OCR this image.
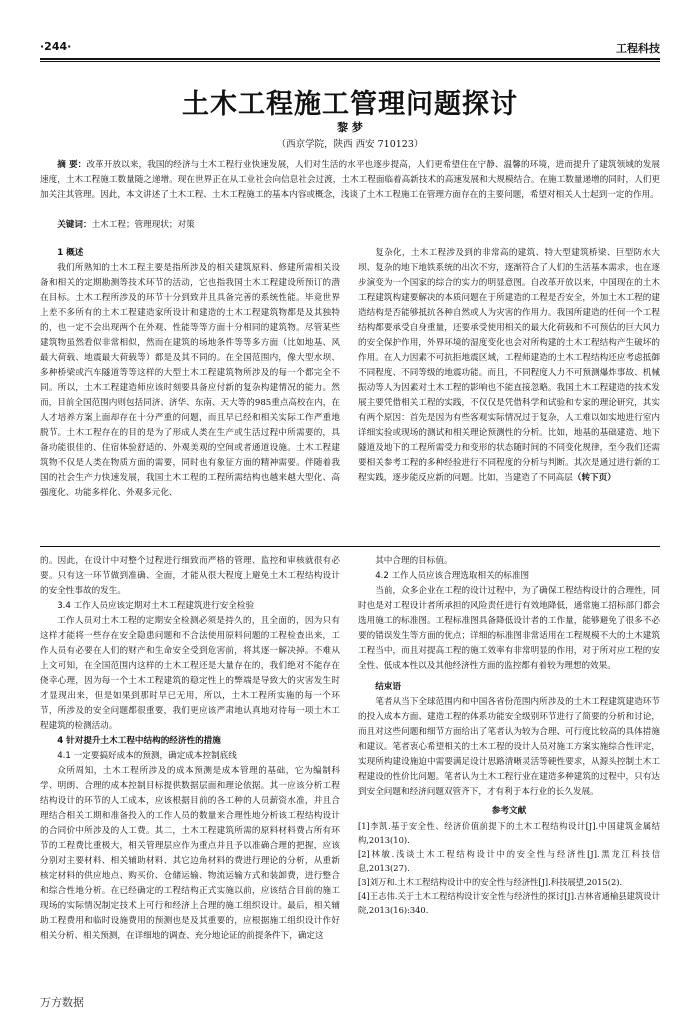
·244·	工程科技
土木工程施工管理问题探讨
黎 梦
（西京学院，陕西 西安 710123）
摘 要：改革开放以来，我国的经济与土木工程行业快速发展，人们对生活的水平也逐步提高，人们更希望住在宁静、温馨的环境，进而提升了建筑领域的发展速度，土木工程施工数量随之递增。现在世界正在从工业社会向信息社会过渡，土木工程面临着高新技术的高速发展和大规模结合。在施工数量递增的同时，人们更加关注其管理。因此，本文讲述了土木工程、土木工程施工的基本内容或概念，浅谈了土木工程施工在管理方面存在的主要问题，希望对相关人士起到一定的作用。
关键词：土木工程；管理现状；对策
1 概述

我们所熟知的土木工程主要是指所涉及的相关建筑原料、修建所需相关设备和相关的定期勘测等技术环节的活动，它也指我国土木工程建设所预订的潜在目标。土木工程所涉及的环节十分到致并且具备完善的系统性能。毕竟世界上差不多所有的土木工程建造家所设计和建造的土木工程建筑物都是及其独特的，也一定不会出现两个在外观、性能等等方面十分相同的建筑物。尽管某些建筑物虽然看似非常相似，然而在建筑的场地条件等等多方面（比如地基、风最大荷载、地震最大荷载等）都是及其不同的。在全国范围内，像大型水坝、多种桥梁或汽车隧道等等这样的大型土木工程建筑物所涉及的每一个都完全不同。所以，土木工程建造师应该时刻要具备应付新的复杂构建情况的能力。然而，目前全国范围内则包括同济、济华、东南、天大等的985重点高校在内，在人才培养方案上面却存在十分严重的问题，而且早已经和相关实际工作严重地脱节。土木工程存在的目的是为了形成人类在生产或生活过程中所需要的，具备功能很佳的、住宿体验舒适的、外观美观的空间或者通道设施。土木工程建筑物不仅是人类在物质方面的需要，同时也有象征方面的精神需要。伴随着我国的社会生产力快速发展，我国土木工程的工程所需结构也越来越大型化、高强度化、功能多样化、外观多元化、

复杂化，土木工程涉及到的非常高的建筑、特大型建筑桥梁、巨型防水大坝、复杂的地下地铁系统的出次不穷，逐渐符合了人们的生活基本需求，也在逐步演变为一个国家的综合的实力的明显意图。自改革开放以来，中国现在的土木工程建筑构建要解决的本质问题在于所建造的工程是否安全，外加土木工程的建造结构是否能够抵抗各种自然或人为灾害的作用力。我国所建造的任何一个工程结构都要承受自身重量，还要承受使用相关的最大化荷载和不可预估的巨大风力的安全保护作用，外界环境的湿度变化也会对所构建的土木工程结构产生破坏的作用。在人力因素不可抗拒地震区域，工程师建造的土木工程结构还应考虑抵御不同程度、不同等级的地震功能。而且，不同程度人力不可预测爆炸事故、机械振动等人为因素对土木工程的影响也不能直接忽略。我国土木工程建造的技术发展主要凭借相关工程的实践，不仅仅是凭借科学和试验和专家的理论研究，其实有两个原因：首先是因为有些客观实际情况过于复杂，人工难以如实地进行室内详细实验或现场的测试和相关理论预测性的分析。比如，地基的基础建造、地下隧道及地下的工程所需受力和变形的状态随时间的不同变化规律，至今我们还需要相关参考工程的多种经验进行不同程度的分析与判断。其次是通过进行新的工程实践，逐步能反应新的问题。比如，当建造了不同高层（转下页）

的。因此，在设计中对整个过程进行细致而严格的管理、监控和审核就很有必要。只有这一环节做到准确、全面，才能从很大程度上避免土木工程结构设计的安全性事故的发生。

3.4 工作人员应该定期对土木工程建筑进行安全检验

工作人员对土木工程的定期安全检测必须是持久的，且全面的，因为只有这样才能将一些存在安全隐患问题和不合法使用原料问题的工程检查出来，工作人员有必要在人们的财产和生命安全受到危害前，将其逐一解决掉。不难从上文可知，在全国范围内这样的土木工程还是大量存在的，我们绝对不能存在侥幸心理，因为每一个土木工程建筑的稳定性上的弊端是导致大的灾害发生时才显现出来，但是如果到那时早已无用，所以，土木工程所实施的每一个环节，所涉及的安全问题都很重要，我们更应该严肃地认真地对待每一项土木工程建筑的检测活动。

4 针对提升土木工程中结构的经济性的措施
4.1 一定要搞好成本的预测，确定成本控制底线

众所周知，土木工程所涉及的成本预测是成本管理的基础，它为编制科学、明朗、合理的成本控制目标提供数据层面和理论依据。其一应该分析工程结构设计的环节的人工成本，应该根据目前的各工种的人员薪资水准，并且合理结合相关工期和准备投入的工作人员的数量来合理性地分析该工程结构设计的合同价中所涉及的人工费。其二，土木工程建筑所需的原料材料费占所有环节的工程费比重极大，相关管理层应作为重点并且予以准确合理的把握，应该分别对主要材料、相关辅助材料、其它边角材料的费进行理论的分析，从重新核定材料的供应地点、购买价、仓储运输、物流运输方式和装卸费，进行整合和综合性地分析。在已经确定的工程结构正式实施以前，应该结合目前的施工现场的实际情况制定技术上可行和经济上合理的施工组织设计。最后，相关辅助工程费用和临时设施费用的预测也是及其重要的，应根据施工组织设计作好相关分析、相关预测，在详细地的调查、充分地论证的前提条件下，确定这

其中合理的目标值。

4.2 工作人员应该合理选取相关的标准图

当前，众多企业在工程的设计过程中，为了确保工程结构设计的合理性，同时也是对工程设计者所承担的风险责任进行有效地降低，通常施工招标部门都会选用施工的标准图。工程标准图具备降低设计者的工作量，能够避免了很多不必要的错误发生等方面的优点；详细的标准图非常适用在工程规模不大的土木建筑工程当中，而且对提高工程的施工效率有非常明显的作用，对于所对应工程的安全性、低成本性以及其他经济性方面的监控都有着较为理想的效果。

结束语

笔者从当下全球范围内和中国各省份范围内所涉及的土木工程建筑建造环节的投入成本方面、建造工程的体系功能安全级别环节进行了简要的分析和讨论，而且对这些问题和细节方面给出了笔者认为较为合理、可行度比较高的具体措施和建议。笔者衷心希望相关的土木工程的设计人员对施工方案实施综合性评定，实现所构建设施迫中需要满足设计思路清晰灵活等硬性要求，从源头控制土木工程建设的性价比问题。笔者认为土木工程行业在建造多种建筑的过程中，只有达到安全问题和经济问题双管齐下，才有利于本行业的长久发展。

参考文献
[1]李凯.基于安全性、经济价值前提下的土木工程结构设计[J].中国建筑金属结构,2013(10).
[2]林敏.浅谈土木工程结构设计中的安全性与经济性[J].黑龙江科技信息,2013(27).
[3]刘万和.土木工程结构设计中的安全性与经济性[J].科技展望,2015(2).
[4]王志伟.关于土木工程结构设计安全性与经济性的探讨[J].吉林省通榆县建筑设计院,2013(16):340.
万方数据
